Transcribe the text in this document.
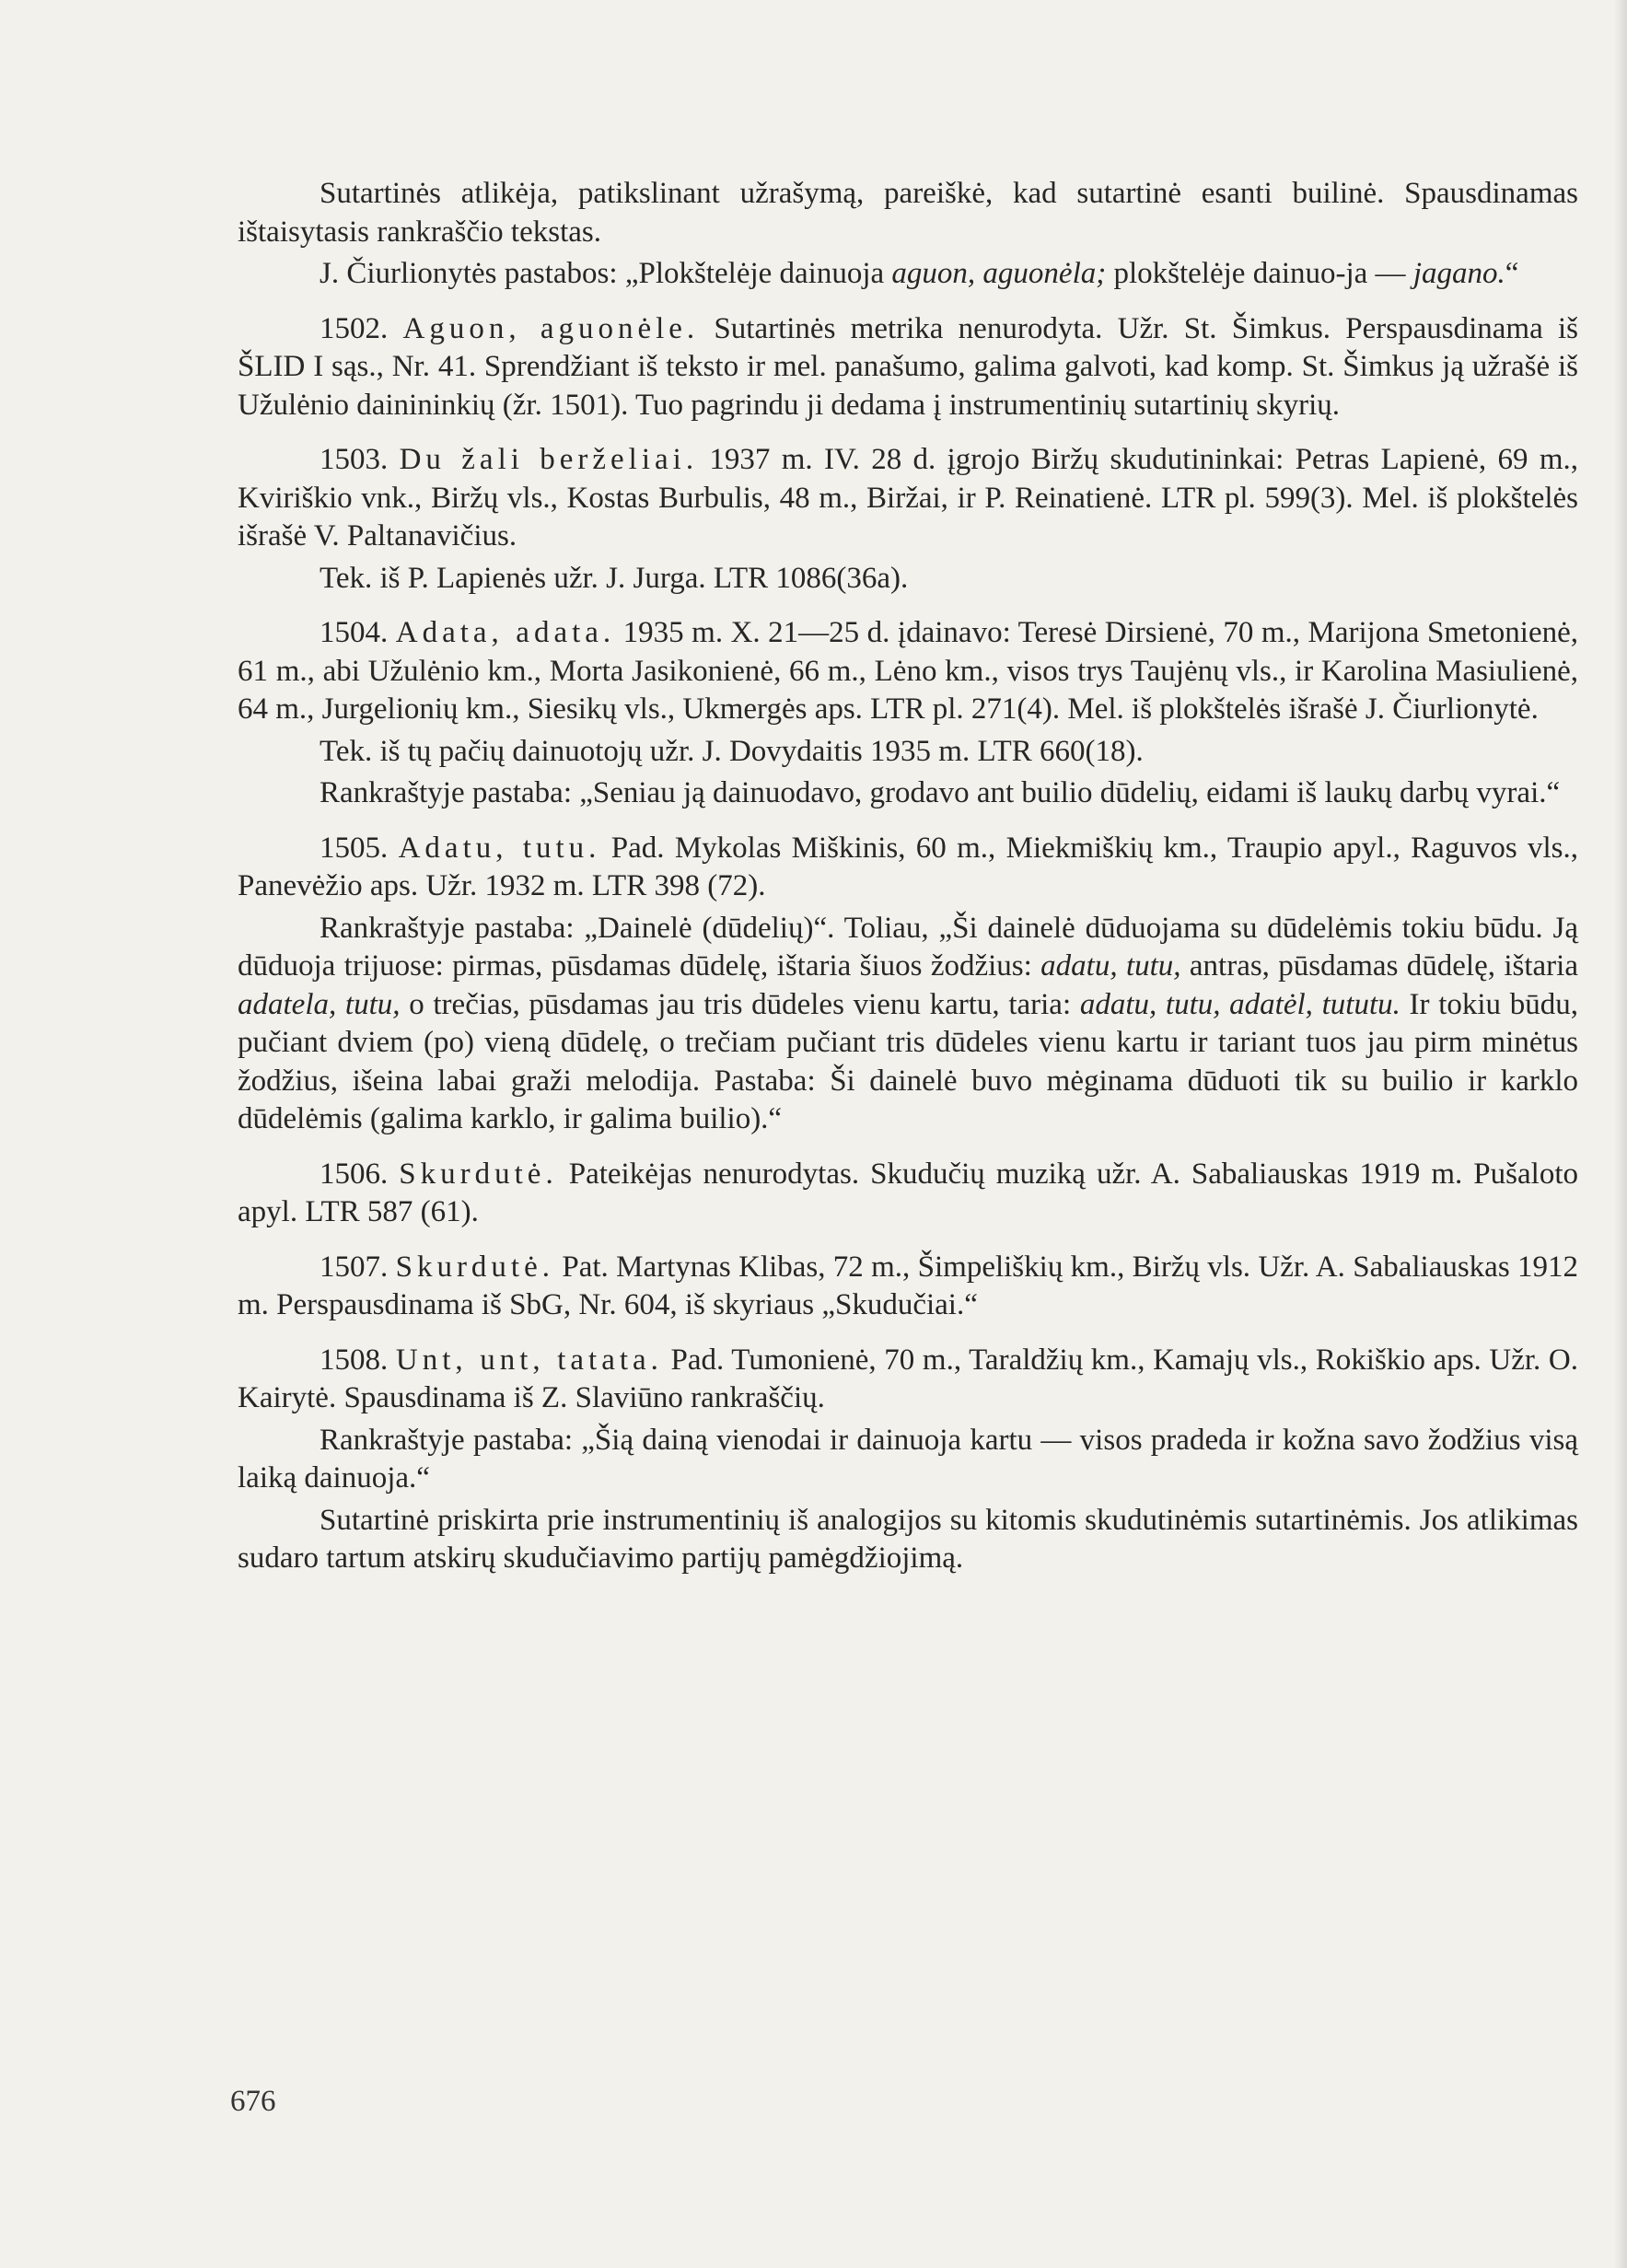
Sutartinės atlikėja, patikslinant užrašymą, pareiškė, kad sutartinė esanti builinė. Spausdinamas ištaisytasis rankraščio tekstas.

J. Čiurlionytės pastabos: „Plokštelėje dainuoja aguon, aguonėla; plokštelėje dainuo-ja — jagano.“

1502. Aguon, aguonėle. Sutartinės metrika nenurodyta. Užr. St. Šimkus. Perspausdinama iš ŠLID I sąs., Nr. 41. Sprendžiant iš teksto ir mel. panašumo, galima galvoti, kad komp. St. Šimkus ją užrašė iš Užulėnio dainininkių (žr. 1501). Tuo pagrindu ji dedama į instrumentinių sutartinių skyrių.

1503. Du žali berželiai. 1937 m. IV. 28 d. įgrojo Biržų skudutininkai: Petras Lapienė, 69 m., Kviriškio vnk., Biržų vls., Kostas Burbulis, 48 m., Biržai, ir P. Reinatienė. LTR pl. 599(3). Mel. iš plokštelės išrašė V. Paltanavičius.

Tek. iš P. Lapienės užr. J. Jurga. LTR 1086(36a).

1504. Adata, adata. 1935 m. X. 21—25 d. įdainavo: Teresė Dirsienė, 70 m., Marijona Smetonienė, 61 m., abi Užulėnio km., Morta Jasikonienė, 66 m., Lėno km., visos trys Taujėnų vls., ir Karolina Masiulienė, 64 m., Jurgelionių km., Siesikų vls., Ukmergės aps. LTR pl. 271(4). Mel. iš plokštelės išrašė J. Čiurlionytė.

Tek. iš tų pačių dainuotojų užr. J. Dovydaitis 1935 m. LTR 660(18).

Rankraštyje pastaba: „Seniau ją dainuodavo, grodavo ant builio dūdelių, eidami iš laukų darbų vyrai.“

1505. Adatu, tutu. Pad. Mykolas Miškinis, 60 m., Miekmiškių km., Traupio apyl., Raguvos vls., Panevėžio aps. Užr. 1932 m. LTR 398 (72).

Rankraštyje pastaba: „Dainelė (dūdelių)“. Toliau, „Ši dainelė dūduojama su dūdelėmis tokiu būdu. Ją dūduoja trijuose: pirmas, pūsdamas dūdelę, ištaria šiuos žodžius: adatu, tutu, antras, pūsdamas dūdelę, ištaria adatela, tutu, o trečias, pūsdamas jau tris dūdeles vienu kartu, taria: adatu, tutu, adatėl, tututu. Ir tokiu būdu, pučiant dviem (po) vieną dūdelę, o trečiam pučiant tris dūdeles vienu kartu ir tariant tuos jau pirm minėtus žodžius, išeina labai graži melodija. Pastaba: Ši dainelė buvo mėginama dūduoti tik su builio ir karklo dūdelėmis (galima karklo, ir galima builio).“

1506. Skurdutė. Pateikėjas nenurodytas. Skudučių muziką užr. A. Sabaliauskas 1919 m. Pušaloto apyl. LTR 587 (61).

1507. Skurdutė. Pat. Martynas Klibas, 72 m., Šimpeliškių km., Biržų vls. Užr. A. Sabaliauskas 1912 m. Perspausdinama iš SbG, Nr. 604, iš skyriaus „Skudučiai.“

1508. Unt, unt, tatata. Pad. Tumonienė, 70 m., Taraldžių km., Kamajų vls., Rokiškio aps. Užr. O. Kairytė. Spausdinama iš Z. Slaviūno rankraščių.

Rankraštyje pastaba: „Šią dainą vienodai ir dainuoja kartu — visos pradeda ir kožna savo žodžius visą laiką dainuoja.“

Sutartinė priskirta prie instrumentinių iš analogijos su kitomis skudutinėmis sutartinėmis. Jos atlikimas sudaro tartum atskirų skudučiavimo partijų pamėgdžiojimą.

676
